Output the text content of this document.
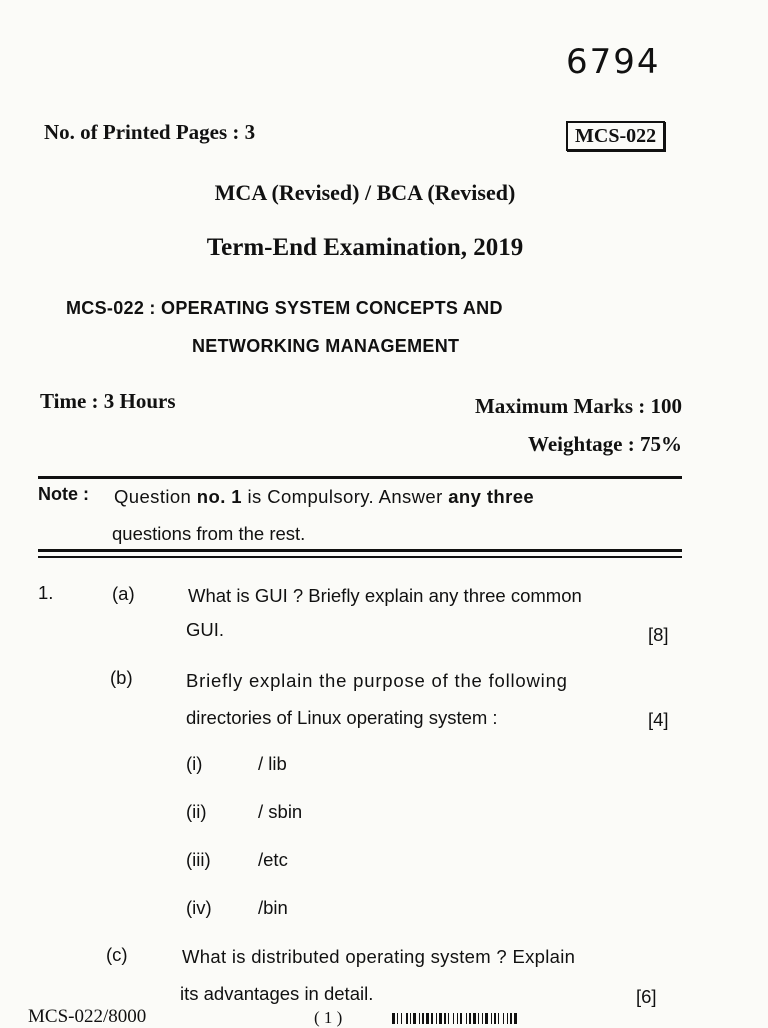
6794
No. of Printed Pages : 3	MCS-022
MCA (Revised) / BCA (Revised)
Term-End Examination, 2019
MCS-022 : OPERATING SYSTEM CONCEPTS AND
NETWORKING MANAGEMENT
Time : 3 Hours	Maximum Marks : 100
Weightage : 75%
Note : Question no. 1 is Compulsory. Answer any three
questions from the rest.
1.	(a)	What is GUI ? Briefly explain any three common
GUI.	[8]
(b)	Briefly explain the purpose of the following
directories of Linux operating system :	[4]
(i)	/ lib
(ii)	/ sbin
(iii)	/etc
(iv)	/bin
(c)	What is distributed operating system ? Explain
its advantages in detail.	[6]
MCS-022/8000	( 1 )
